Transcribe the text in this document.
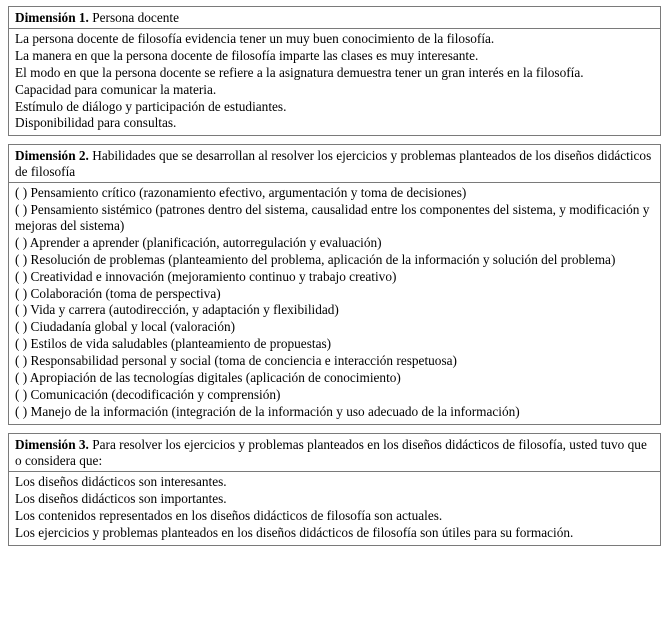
Dimensión 1. Persona docente
La persona docente de filosofía evidencia tener un muy buen conocimiento de la filosofía.
La manera en que la persona docente de filosofía imparte las clases es muy interesante.
El modo en que la persona docente se refiere a la asignatura demuestra tener un gran interés en la filosofía.
Capacidad para comunicar la materia.
Estímulo de diálogo y participación de estudiantes.
Disponibilidad para consultas.
Dimensión 2. Habilidades que se desarrollan al resolver los ejercicios y problemas planteados de los diseños didácticos de filosofía
( ) Pensamiento crítico (razonamiento efectivo, argumentación y toma de decisiones)
( ) Pensamiento sistémico (patrones dentro del sistema, causalidad entre los componentes del sistema, y modificación y mejoras del sistema)
( ) Aprender a aprender (planificación, autorregulación y evaluación)
( ) Resolución de problemas (planteamiento del problema, aplicación de la información y solución del problema)
( ) Creatividad e innovación (mejoramiento continuo y trabajo creativo)
( ) Colaboración (toma de perspectiva)
( ) Vida y carrera (autodirección, y adaptación y flexibilidad)
( ) Ciudadanía global y local (valoración)
( ) Estilos de vida saludables (planteamiento de propuestas)
( ) Responsabilidad personal y social (toma de conciencia e interacción respetuosa)
( ) Apropiación de las tecnologías digitales (aplicación de conocimiento)
( ) Comunicación (decodificación y comprensión)
( ) Manejo de la información (integración de la información y uso adecuado de la información)
Dimensión 3. Para resolver los ejercicios y problemas planteados en los diseños didácticos de filosofía, usted tuvo que o considera que:
Los diseños didácticos son interesantes.
Los diseños didácticos son importantes.
Los contenidos representados en los diseños didácticos de filosofía son actuales.
Los ejercicios y problemas planteados en los diseños didácticos de filosofía son útiles para su formación.
